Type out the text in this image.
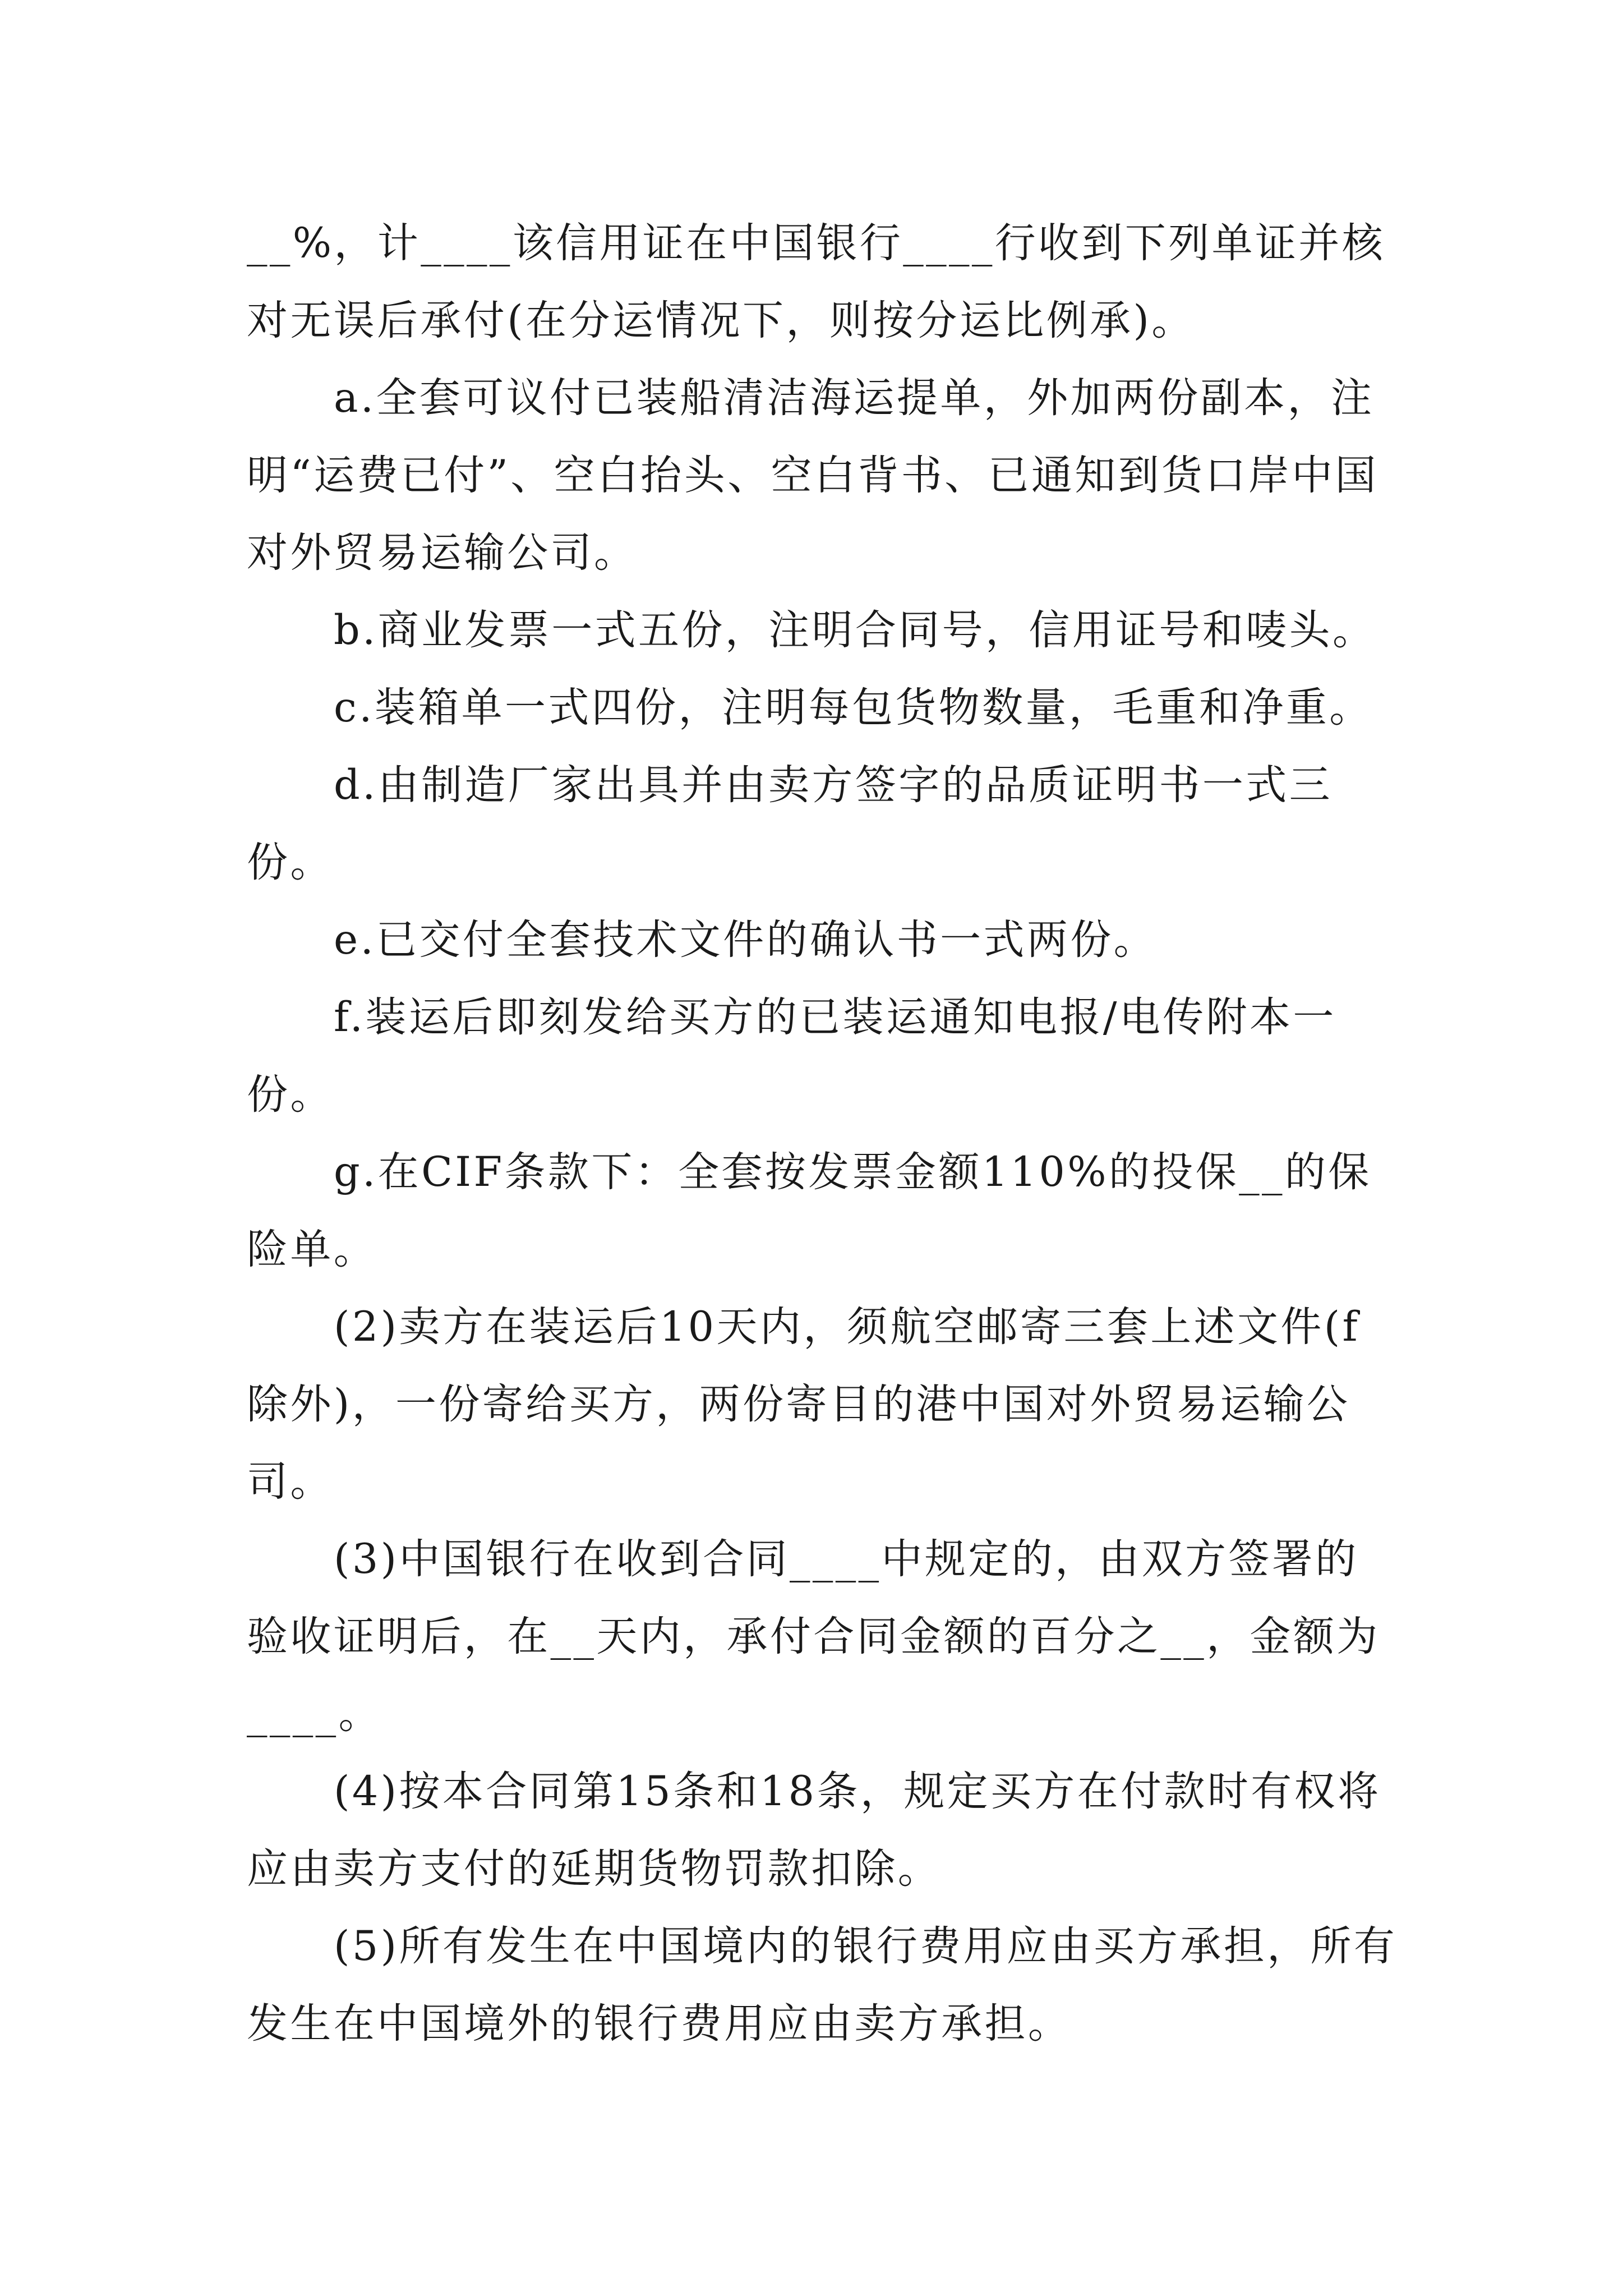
__%，计____该信用证在中国银行____行收到下列单证并核对无误后承付(在分运情况下，则按分运比例承)。

a.全套可议付已装船清洁海运提单，外加两份副本，注明“运费已付”、空白抬头、空白背书、已通知到货口岸中国对外贸易运输公司。

b.商业发票一式五份，注明合同号，信用证号和唛头。

c.装箱单一式四份，注明每包货物数量，毛重和净重。

d.由制造厂家出具并由卖方签字的品质证明书一式三份。

e.已交付全套技术文件的确认书一式两份。

f.装运后即刻发给买方的已装运通知电报/电传附本一份。

g.在CIF条款下：全套按发票金额110%的投保__的保险单。

(2)卖方在装运后10天内，须航空邮寄三套上述文件(f除外)，一份寄给买方，两份寄目的港中国对外贸易运输公司。

(3)中国银行在收到合同____中规定的，由双方签署的验收证明后，在__天内，承付合同金额的百分之__，金额为____。

(4)按本合同第15条和18条，规定买方在付款时有权将应由卖方支付的延期货物罚款扣除。

(5)所有发生在中国境内的银行费用应由买方承担，所有发生在中国境外的银行费用应由卖方承担。
